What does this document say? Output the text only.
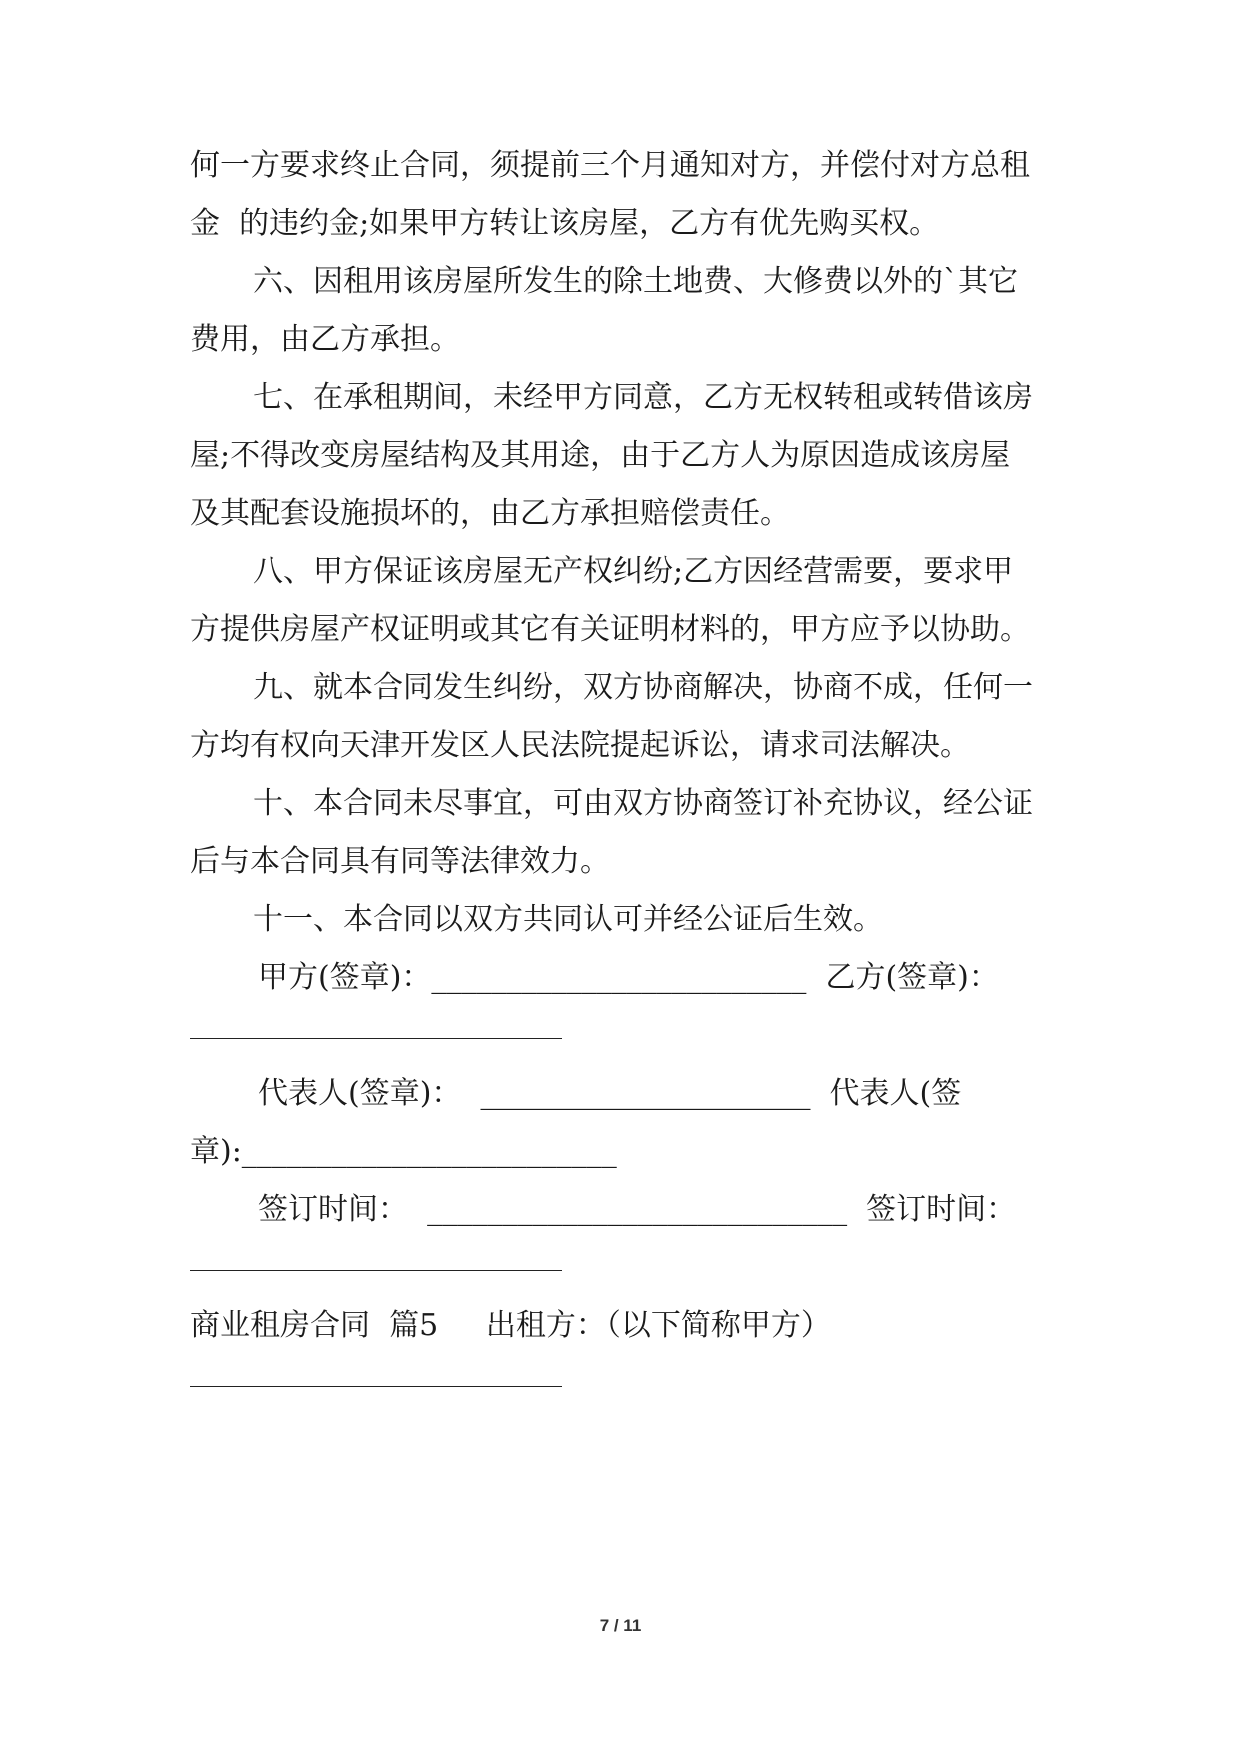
何一方要求终止合同，须提前三个月通知对方，并偿付对方总租
金  的违约金;如果甲方转让该房屋，乙方有优先购买权。
六、因租用该房屋所发生的除土地费、大修费以外的`其它
费用，由乙方承担。
七、在承租期间，未经甲方同意，乙方无权转租或转借该房
屋;不得改变房屋结构及其用途，由于乙方人为原因造成该房屋
及其配套设施损坏的，由乙方承担赔偿责任。
八、甲方保证该房屋无产权纠纷;乙方因经营需要，要求甲
方提供房屋产权证明或其它有关证明材料的，甲方应予以协助。
九、就本合同发生纠纷，双方协商解决，协商不成，任何一
方均有权向天津开发区人民法院提起诉讼，请求司法解决。
十、本合同未尽事宜，可由双方协商签订补充协议，经公证
后与本合同具有同等法律效力。
十一、本合同以双方共同认可并经公证后生效。
甲方(签章)：_________________________  乙方(签章)：
代表人(签章)：  ______________________  代表人(签
章):_________________________
签订时间：  ____________________________  签订时间：
商业租房合同  篇5     出租方：（以下简称甲方）
7 / 11
